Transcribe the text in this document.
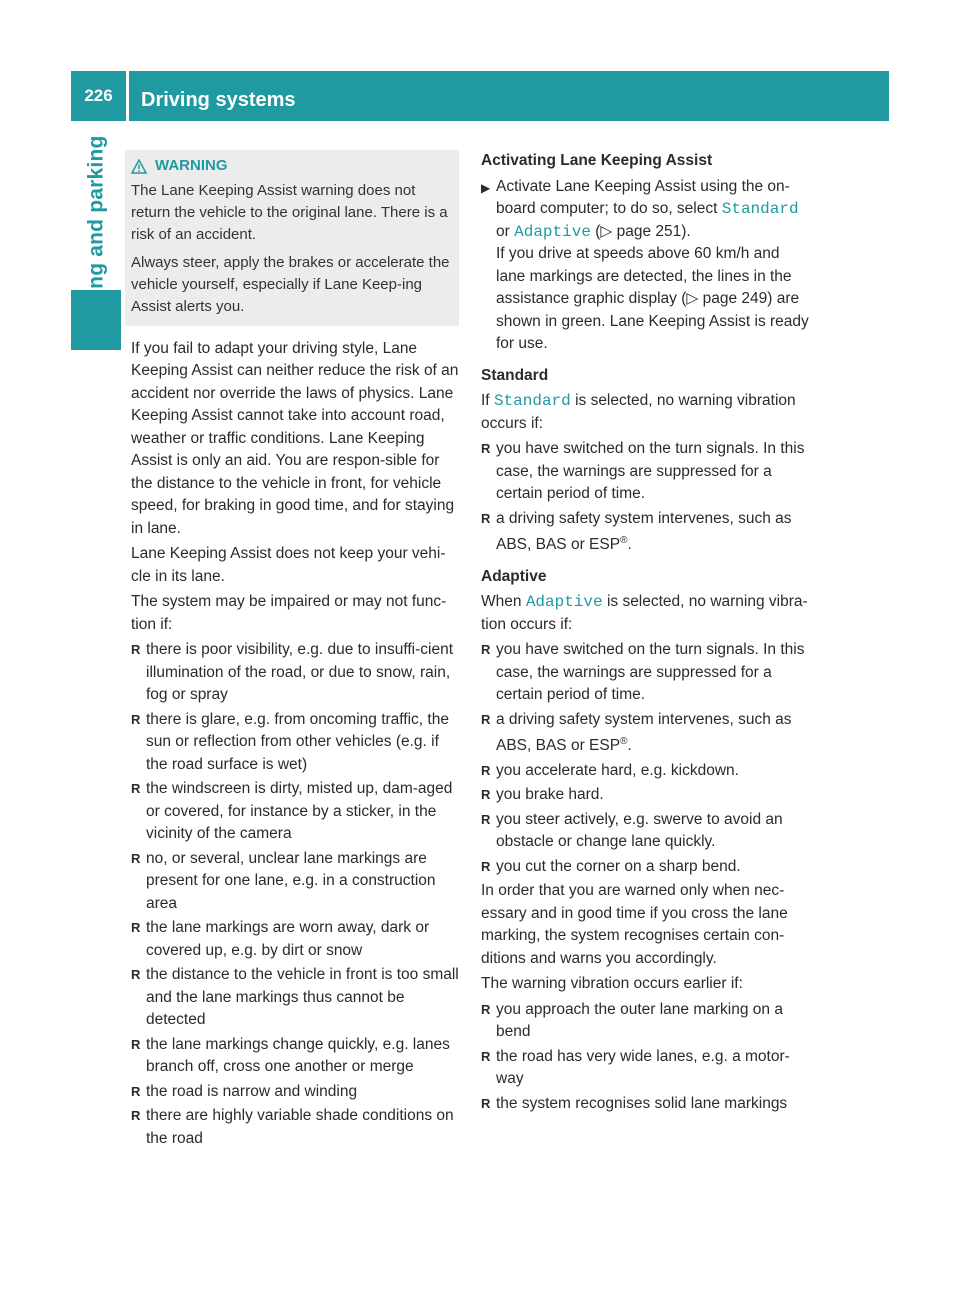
226	Driving systems
Driving and parking	WARNING

The Lane Keeping Assist warning does not return the vehicle to the original lane. There is a risk of an accident.

Always steer, apply the brakes or accelerate the vehicle yourself, especially if Lane Keep-ing Assist alerts you.

If you fail to adapt your driving style, Lane Keeping Assist can neither reduce the risk of an accident nor override the laws of physics. Lane Keeping Assist cannot take into account road, weather or traffic conditions. Lane Keeping Assist is only an aid. You are respon-sible for the distance to the vehicle in front, for vehicle speed, for braking in good time, and for staying in lane.

Lane Keeping Assist does not keep your vehi-cle in its lane.

The system may be impaired or may not func-tion if:

R there is poor visibility, e.g. due to insuffi-cient illumination of the road, or due to snow, rain, fog or spray
R there is glare, e.g. from oncoming traffic, the sun or reflection from other vehicles (e.g. if the road surface is wet)
R the windscreen is dirty, misted up, dam-aged or covered, for instance by a sticker, in the vicinity of the camera
R no, or several, unclear lane markings are present for one lane, e.g. in a construction area
R the lane markings are worn away, dark or covered up, e.g. by dirt or snow
R the distance to the vehicle in front is too small and the lane markings thus cannot be detected
R the lane markings change quickly, e.g. lanes branch off, cross one another or merge
R the road is narrow and winding
R there are highly variable shade conditions on the road
Activating Lane Keeping Assist
▶ Activate Lane Keeping Assist using the on-board computer; to do so, select Standard or Adaptive (▷ page 251).
If you drive at speeds above 60 km/h and lane markings are detected, the lines in the assistance graphic display (▷ page 249) are shown in green. Lane Keeping Assist is ready for use.
Standard

If Standard is selected, no warning vibration occurs if:

R you have switched on the turn signals. In this case, the warnings are suppressed for a certain period of time.
R a driving safety system intervenes, such as ABS, BAS or ESP®.
Adaptive

When Adaptive is selected, no warning vibra-tion occurs if:

R you have switched on the turn signals. In this case, the warnings are suppressed for a certain period of time.
R a driving safety system intervenes, such as ABS, BAS or ESP®.
R you accelerate hard, e.g. kickdown.
R you brake hard.
R you steer actively, e.g. swerve to avoid an obstacle or change lane quickly.
R you cut the corner on a sharp bend.

In order that you are warned only when nec-essary and in good time if you cross the lane marking, the system recognises certain con-ditions and warns you accordingly.

The warning vibration occurs earlier if:

R you approach the outer lane marking on a bend
R the road has very wide lanes, e.g. a motor-way
R the system recognises solid lane markings
